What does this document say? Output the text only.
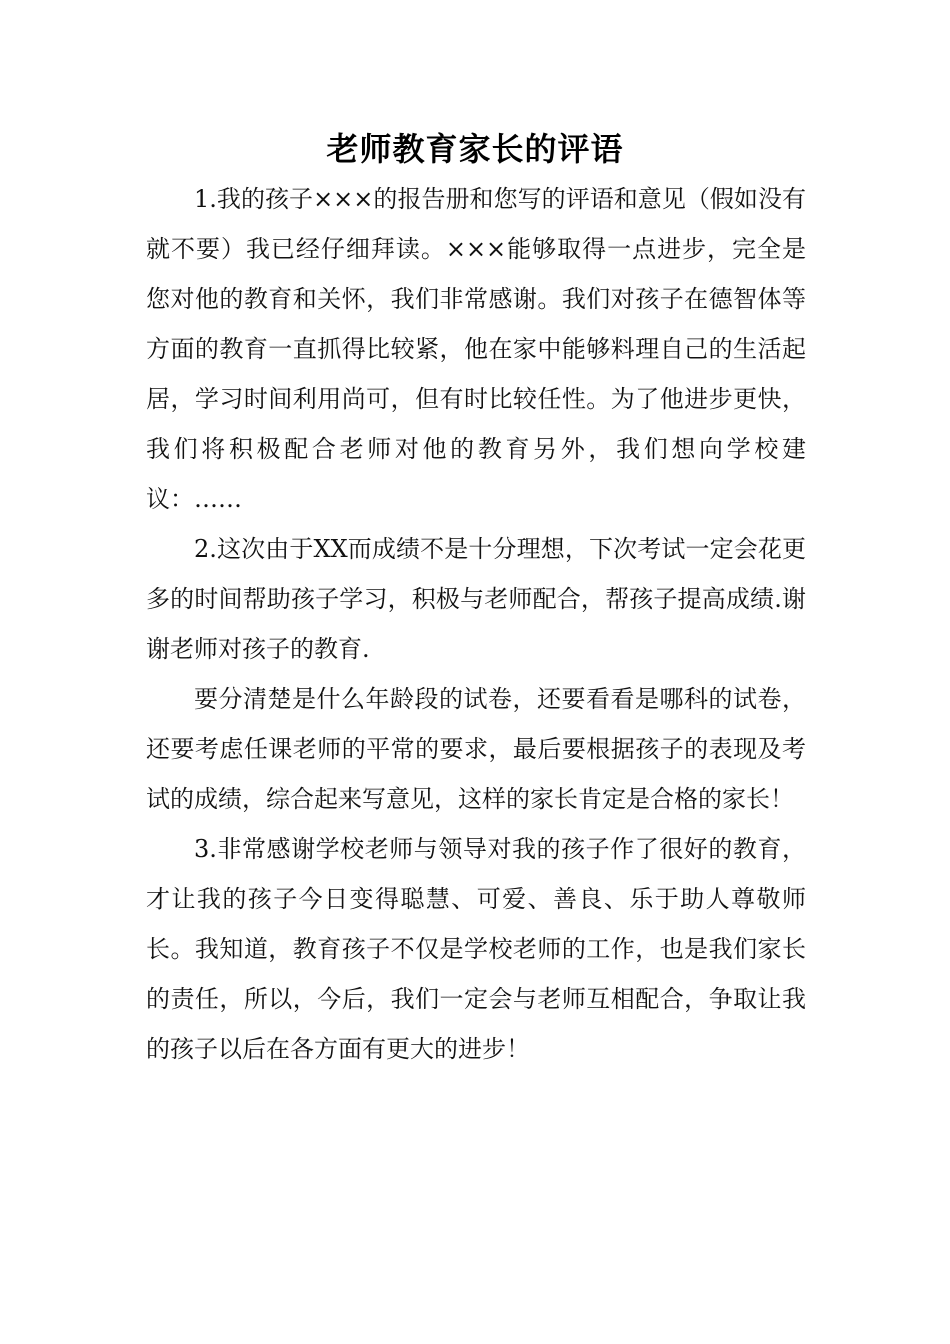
老师教育家长的评语

1.我的孩子×××的报告册和您写的评语和意见（假如没有就不要）我已经仔细拜读。×××能够取得一点进步，完全是您对他的教育和关怀，我们非常感谢。我们对孩子在德智体等方面的教育一直抓得比较紧，他在家中能够料理自己的生活起居，学习时间利用尚可，但有时比较任性。为了他进步更快，我们将积极配合老师对他的教育另外，我们想向学校建议：……

2.这次由于XX而成绩不是十分理想，下次考试一定会花更多的时间帮助孩子学习，积极与老师配合，帮孩子提高成绩.谢谢老师对孩子的教育.

要分清楚是什么年龄段的试卷，还要看看是哪科的试卷，还要考虑任课老师的平常的要求，最后要根据孩子的表现及考试的成绩，综合起来写意见，这样的家长肯定是合格的家长！

3.非常感谢学校老师与领导对我的孩子作了很好的教育，才让我的孩子今日变得聪慧、可爱、善良、乐于助人尊敬师长。我知道，教育孩子不仅是学校老师的工作，也是我们家长的责任，所以，今后，我们一定会与老师互相配合，争取让我的孩子以后在各方面有更大的进步！
